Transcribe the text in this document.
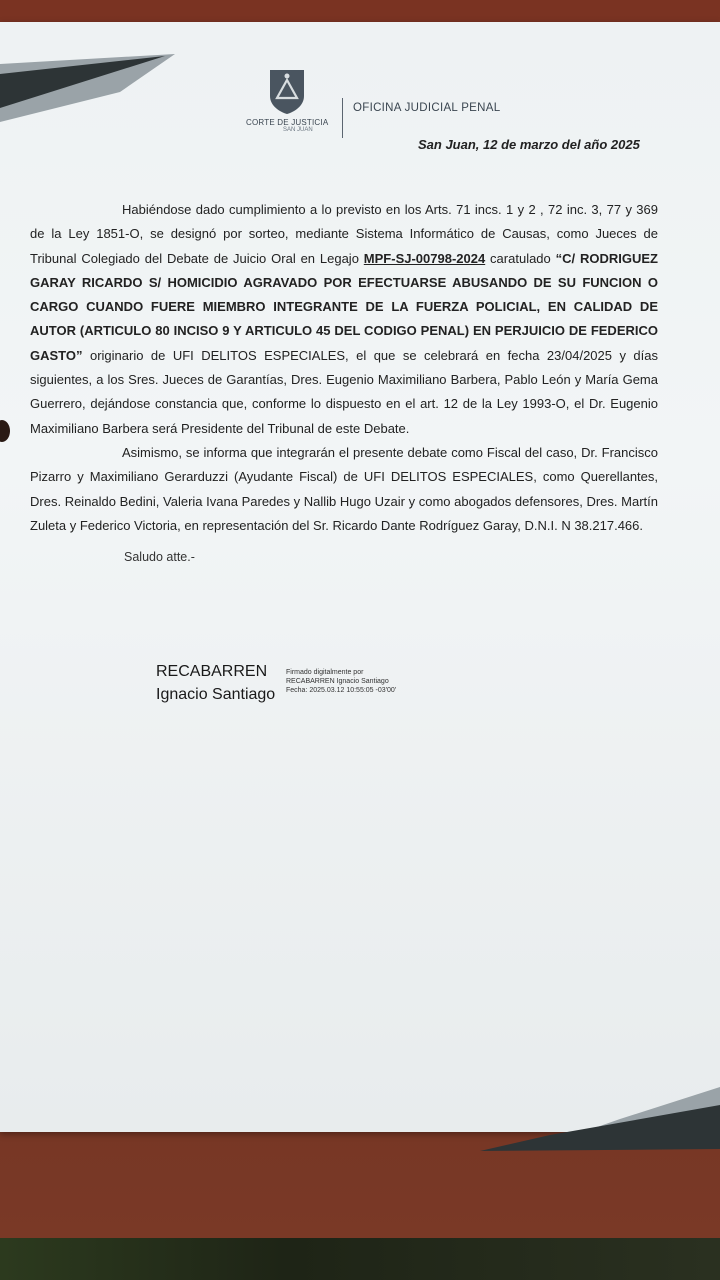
CORTE DE JUSTICIA
SAN JUAN
OFICINA JUDICIAL PENAL
San Juan, 12 de marzo del año 2025

Habiéndose dado cumplimiento a lo previsto en los Arts. 71 incs. 1 y 2 , 72 inc. 3, 77 y 369 de la Ley 1851-O, se designó por sorteo, mediante Sistema Informático de Causas, como Jueces de Tribunal Colegiado del Debate de Juicio Oral en Legajo MPF-SJ-00798-2024 caratulado “C/ RODRIGUEZ GARAY RICARDO S/ HOMICIDIO AGRAVADO POR EFECTUARSE ABUSANDO DE SU FUNCION O CARGO CUANDO FUERE MIEMBRO INTEGRANTE DE LA FUERZA POLICIAL, EN CALIDAD DE AUTOR (ARTICULO 80 INCISO 9 Y ARTICULO 45 DEL CODIGO PENAL) EN PERJUICIO DE FEDERICO GASTO” originario de UFI DELITOS ESPECIALES, el que se celebrará en fecha 23/04/2025 y días siguientes, a los Sres. Jueces de Garantías, Dres. Eugenio Maximiliano Barbera, Pablo León y María Gema Guerrero, dejándose constancia que, conforme lo dispuesto en el art. 12 de la Ley 1993-O, el Dr. Eugenio Maximiliano Barbera será Presidente del Tribunal de este Debate.

Asimismo, se informa que integrarán el presente debate como Fiscal del caso, Dr. Francisco Pizarro y Maximiliano Gerarduzzi (Ayudante Fiscal) de UFI DELITOS ESPECIALES, como Querellantes, Dres. Reinaldo Bedini, Valeria Ivana Paredes y Nallib Hugo Uzair y como abogados defensores, Dres. Martín Zuleta y Federico Victoria, en representación del Sr. Ricardo Dante Rodríguez Garay, D.N.I. N 38.217.466.

Saludo atte.-

RECABARREN
Ignacio Santiago
Firmado digitalmente por
RECABARREN Ignacio Santiago
Fecha: 2025.03.12 10:55:05 -03'00'
